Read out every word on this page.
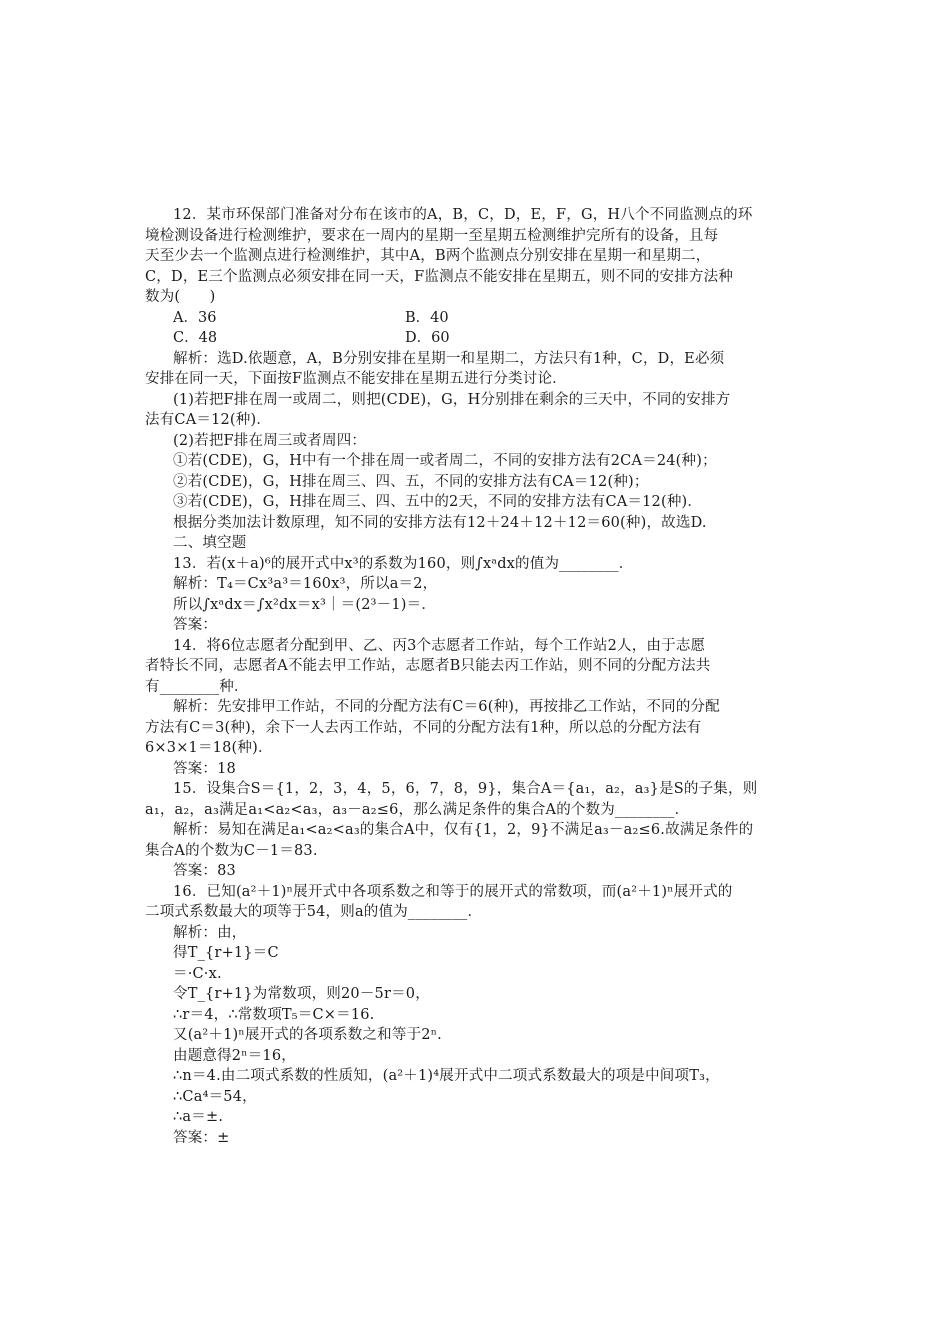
12．某市环保部门准备对分布在该市的A，B，C，D，E，F，G，H八个不同监测点的环
境检测设备进行检测维护，要求在一周内的星期一至星期五检测维护完所有的设备，且每
天至少去一个监测点进行检测维护，其中A，B两个监测点分别安排在星期一和星期二，
C，D，E三个监测点必须安排在同一天，F监测点不能安排在星期五，则不同的安排方法种
数为(　　)
A．36	B．40
C．48	D．60
解析：选D.依题意，A，B分别安排在星期一和星期二，方法只有1种，C，D，E必须
安排在同一天，下面按F监测点不能安排在星期五进行分类讨论．
(1)若把F排在周一或周二，则把(CDE)，G，H分别排在剩余的三天中，不同的安排方
法有CA＝12(种)．
(2)若把F排在周三或者周四：
①若(CDE)，G，H中有一个排在周一或者周二，不同的安排方法有2CA＝24(种)；
②若(CDE)，G，H排在周三、四、五，不同的安排方法有CA＝12(种)；
③若(CDE)，G，H排在周三、四、五中的2天，不同的安排方法有CA＝12(种)．
根据分类加法计数原理，知不同的安排方法有12＋24＋12＋12＝60(种)，故选D.
二、填空题
13．若(x＋a)⁶的展开式中x³的系数为160，则∫xᵃdx的值为________．
解析：T₄＝Cx³a³＝160x³，所以a＝2，
所以∫xᵃdx＝∫x²dx＝x³｜＝(2³－1)＝．
答案：
14．将6位志愿者分配到甲、乙、丙3个志愿者工作站，每个工作站2人，由于志愿
者特长不同，志愿者A不能去甲工作站，志愿者B只能去丙工作站，则不同的分配方法共
有________种．
解析：先安排甲工作站，不同的分配方法有C＝6(种)，再按排乙工作站，不同的分配
方法有C＝3(种)，余下一人去丙工作站，不同的分配方法有1种，所以总的分配方法有
6×3×1＝18(种)．
答案：18
15．设集合S＝{1，2，3，4，5，6，7，8，9}，集合A＝{a₁，a₂，a₃}是S的子集，则
a₁，a₂，a₃满足a₁<a₂<a₃，a₃－a₂≤6，那么满足条件的集合A的个数为________．
解析：易知在满足a₁<a₂<a₃的集合A中，仅有{1，2，9}不满足a₃－a₂≤6.故满足条件的
集合A的个数为C－1＝83.
答案：83
16．已知(a²＋1)ⁿ展开式中各项系数之和等于的展开式的常数项，而(a²＋1)ⁿ展开式的
二项式系数最大的项等于54，则a的值为________．
解析：由，
得T_{r+1}＝C
＝·C·x.
令T_{r+1}为常数项，则20－5r＝0，
∴r＝4，∴常数项T₅＝C×＝16.
又(a²＋1)ⁿ展开式的各项系数之和等于2ⁿ.
由题意得2ⁿ＝16，
∴n＝4.由二项式系数的性质知，(a²＋1)⁴展开式中二项式系数最大的项是中间项T₃，
∴Ca⁴＝54，
∴a＝±.
答案：±
